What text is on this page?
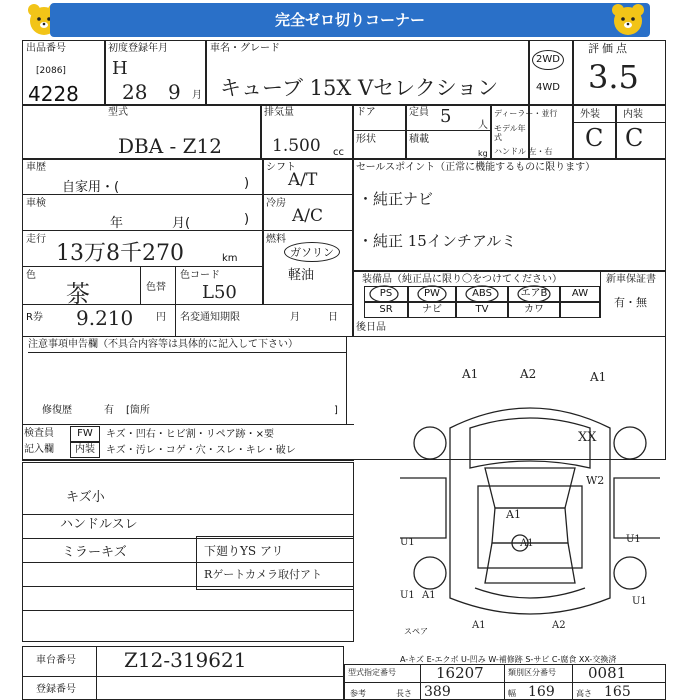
完全ゼロ切りコーナー
出品番号
[2086]
4228
初度登録年月
H
28 9 月
車名・グレード
キューブ 15X Vセレクション
2WD
4WD
評価点
3.5
型式
DBA - Z12
排気量
1.500 cc
ドア
形状
定員 5	人
積載
kg
ディーラー・並行
モデル年式
ハンドル 左・右
外装 内装
C C
車歴
自家用・(	)
シフト
A/T
車検
年	月(	)
冷房
A/C
走行
13万8千270	km
燃料
ガソリン
軽油
色
茶	色替
色コード
L50
R券 9.210 円 名変通知期限	月	日
セールスポイント（正常に機能するものに限ります）
・純正ナビ
・純正 15インチアルミ
装備品（純正品に限り〇をつけてください）	新車保証書
有・無
PS	PW	ABS	エアB	AW
SR	ナビ	TV	カワ
後日品
注意事項申告欄（不具合内容等は具体的に記入して下さい）
修復歴	有 [箇所	]
検査員
記入欄
FW	キズ・凹右・ヒビ割・リペア跡・×要
内装	キズ・汚レ・コゲ・穴・スレ・キレ・破レ
キズ小
ハンドルスレ
ミラーキズ	下廻りYS アリ
Rゲートカメラ取付アト
A1	A2	A1
XX
W2
A1
U1	U1
U1 A1
U1
A1
A1	A2
スペア
車台番号 Z12-319621
登録番号
A-キズ E-エクボ U-凹み W-補修跡 S-サビ C-腐食 XX-交換済
型式指定番号	16207	類別区分番号 0081
参考	長さ 389	幅 169	高さ 165
